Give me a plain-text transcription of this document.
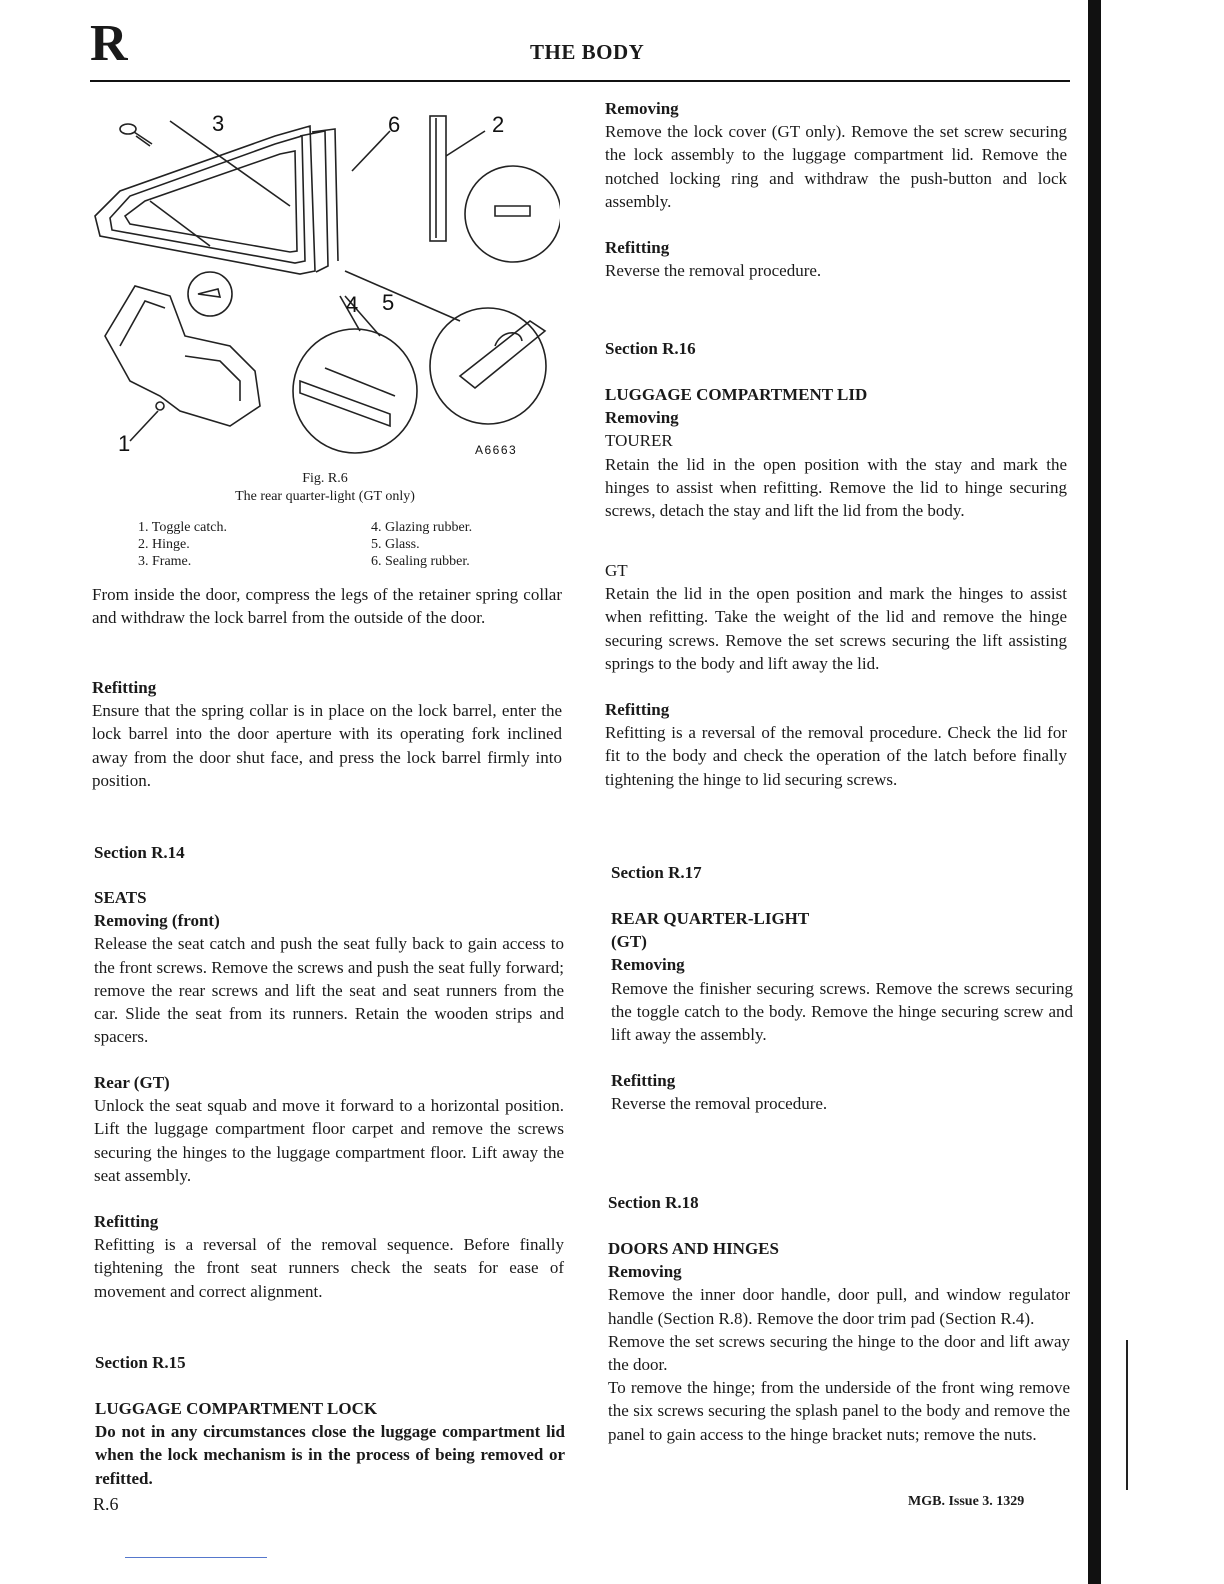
R	THE BODY
3	6	2
4 5
1	A6663
Fig. R.6
The rear quarter-light (GT only)
1. Toggle catch.
2. Hinge.
3. Frame.
4. Glazing rubber.
5. Glass.
6. Sealing rubber.

From inside the door, compress the legs of the retainer spring collar and withdraw the lock barrel from the outside of the door.

Refitting

Ensure that the spring collar is in place on the lock barrel, enter the lock barrel into the door aperture with its operating fork inclined away from the door shut face, and press the lock barrel firmly into position.

Section R.14

SEATS

Removing (front)

Release the seat catch and push the seat fully back to gain access to the front screws. Remove the screws and push the seat fully forward; remove the rear screws and lift the seat and seat runners from the car. Slide the seat from its runners. Retain the wooden strips and spacers.

Rear (GT)

Unlock the seat squab and move it forward to a horizontal position. Lift the luggage compartment floor carpet and remove the screws securing the hinges to the luggage compartment floor. Lift away the seat assembly.

Refitting

Refitting is a reversal of the removal sequence. Before finally tightening the front seat runners check the seats for ease of movement and correct alignment.

Section R.15

LUGGAGE COMPARTMENT LOCK

Do not in any circumstances close the luggage compartment lid when the lock mechanism is in the process of being removed or refitted.

Removing

Remove the lock cover (GT only). Remove the set screw securing the lock assembly to the luggage compartment lid. Remove the notched locking ring and withdraw the push-button and lock assembly.

Refitting

Reverse the removal procedure.

Section R.16

LUGGAGE COMPARTMENT LID

Removing

TOURER

Retain the lid in the open position with the stay and mark the hinges to assist when refitting. Remove the lid to hinge securing screws, detach the stay and lift the lid from the body.

GT

Retain the lid in the open position and mark the hinges to assist when refitting. Take the weight of the lid and remove the hinge securing screws. Remove the set screws securing the lift assisting springs to the body and lift away the lid.

Refitting

Refitting is a reversal of the removal procedure. Check the lid for fit to the body and check the operation of the latch before finally tightening the hinge to lid securing screws.

Section R.17

REAR QUARTER-LIGHT

(GT)

Removing

Remove the finisher securing screws. Remove the screws securing the toggle catch to the body. Remove the hinge securing screw and lift away the assembly.

Refitting

Reverse the removal procedure.

Section R.18

DOORS AND HINGES

Removing

Remove the inner door handle, door pull, and window regulator handle (Section R.8). Remove the door trim pad (Section R.4).

Remove the set screws securing the hinge to the door and lift away the door.

To remove the hinge; from the underside of the front wing remove the six screws securing the splash panel to the body and remove the panel to gain access to the hinge bracket nuts; remove the nuts.

R.6	MGB. Issue 3. 1329
